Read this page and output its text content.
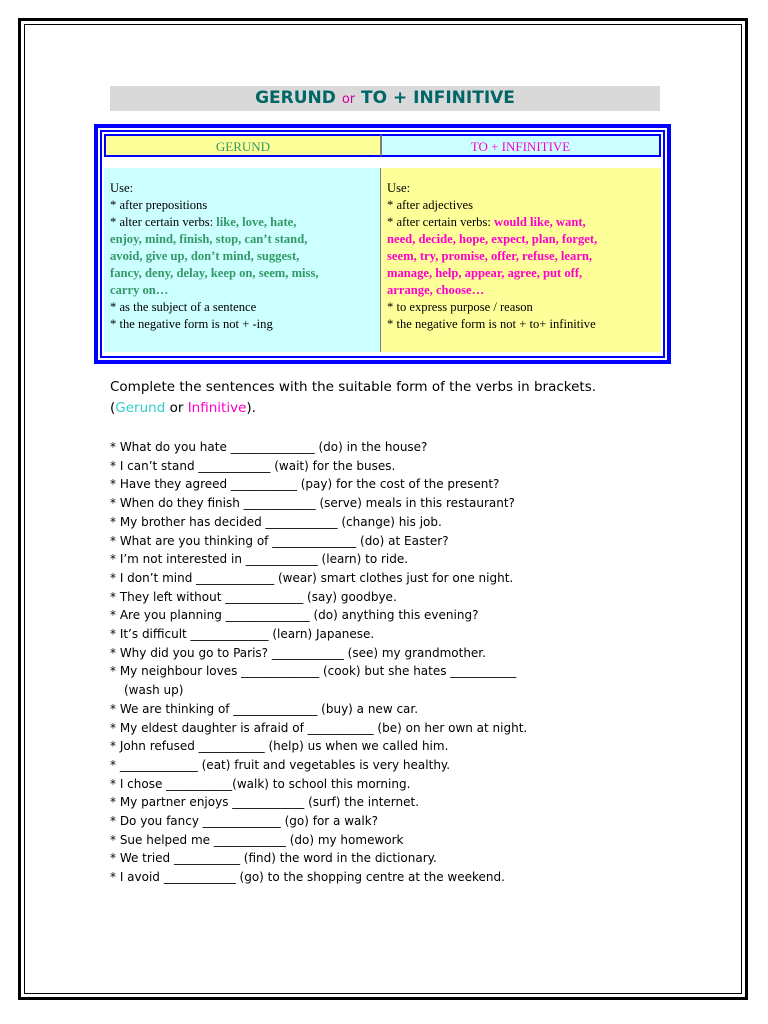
GERUND or TO + INFINITIVE
GERUND	TO + INFINITIVE
Use:
* after prepositions
* alter certain verbs: like, love, hate,
enjoy, mind, finish, stop, can’t stand,
avoid, give up, don’t mind, suggest,
fancy, deny, delay, keep on, seem, miss,
carry on…
* as the subject of a sentence
* the negative form is not + -ing
Use:
* after adjectives
* after certain verbs: would like, want,
need, decide, hope, expect, plan, forget,
seem, try, promise, offer, refuse, learn,
manage, help, appear, agree, put off,
arrange, choose…
* to express purpose / reason
* the negative form is not + to+ infinitive
Complete the sentences with the suitable form of the verbs in brackets.
(Gerund or Infinitive).
* What do you hate ______________ (do) in the house?
* I can’t stand ____________ (wait) for the buses.
* Have they agreed ___________ (pay) for the cost of the present?
* When do they finish ____________ (serve) meals in this restaurant?
* My brother has decided ____________ (change) his job.
* What are you thinking of ______________ (do) at Easter?
* I’m not interested in ____________ (learn) to ride.
* I don’t mind _____________ (wear) smart clothes just for one night.
* They left without _____________ (say) goodbye.
* Are you planning ______________ (do) anything this evening?
* It’s difficult _____________ (learn) Japanese.
* Why did you go to Paris? ____________ (see) my grandmother.
* My neighbour loves _____________ (cook) but she hates ___________
(wash up)
* We are thinking of ______________ (buy) a new car.
* My eldest daughter is afraid of ___________ (be) on her own at night.
* John refused ___________ (help) us when we called him.
* _____________ (eat) fruit and vegetables is very healthy.
* I chose ___________(walk) to school this morning.
* My partner enjoys ____________ (surf) the internet.
* Do you fancy _____________ (go) for a walk?
* Sue helped me ____________ (do) my homework
* We tried ___________ (find) the word in the dictionary.
* I avoid ____________ (go) to the shopping centre at the weekend.
